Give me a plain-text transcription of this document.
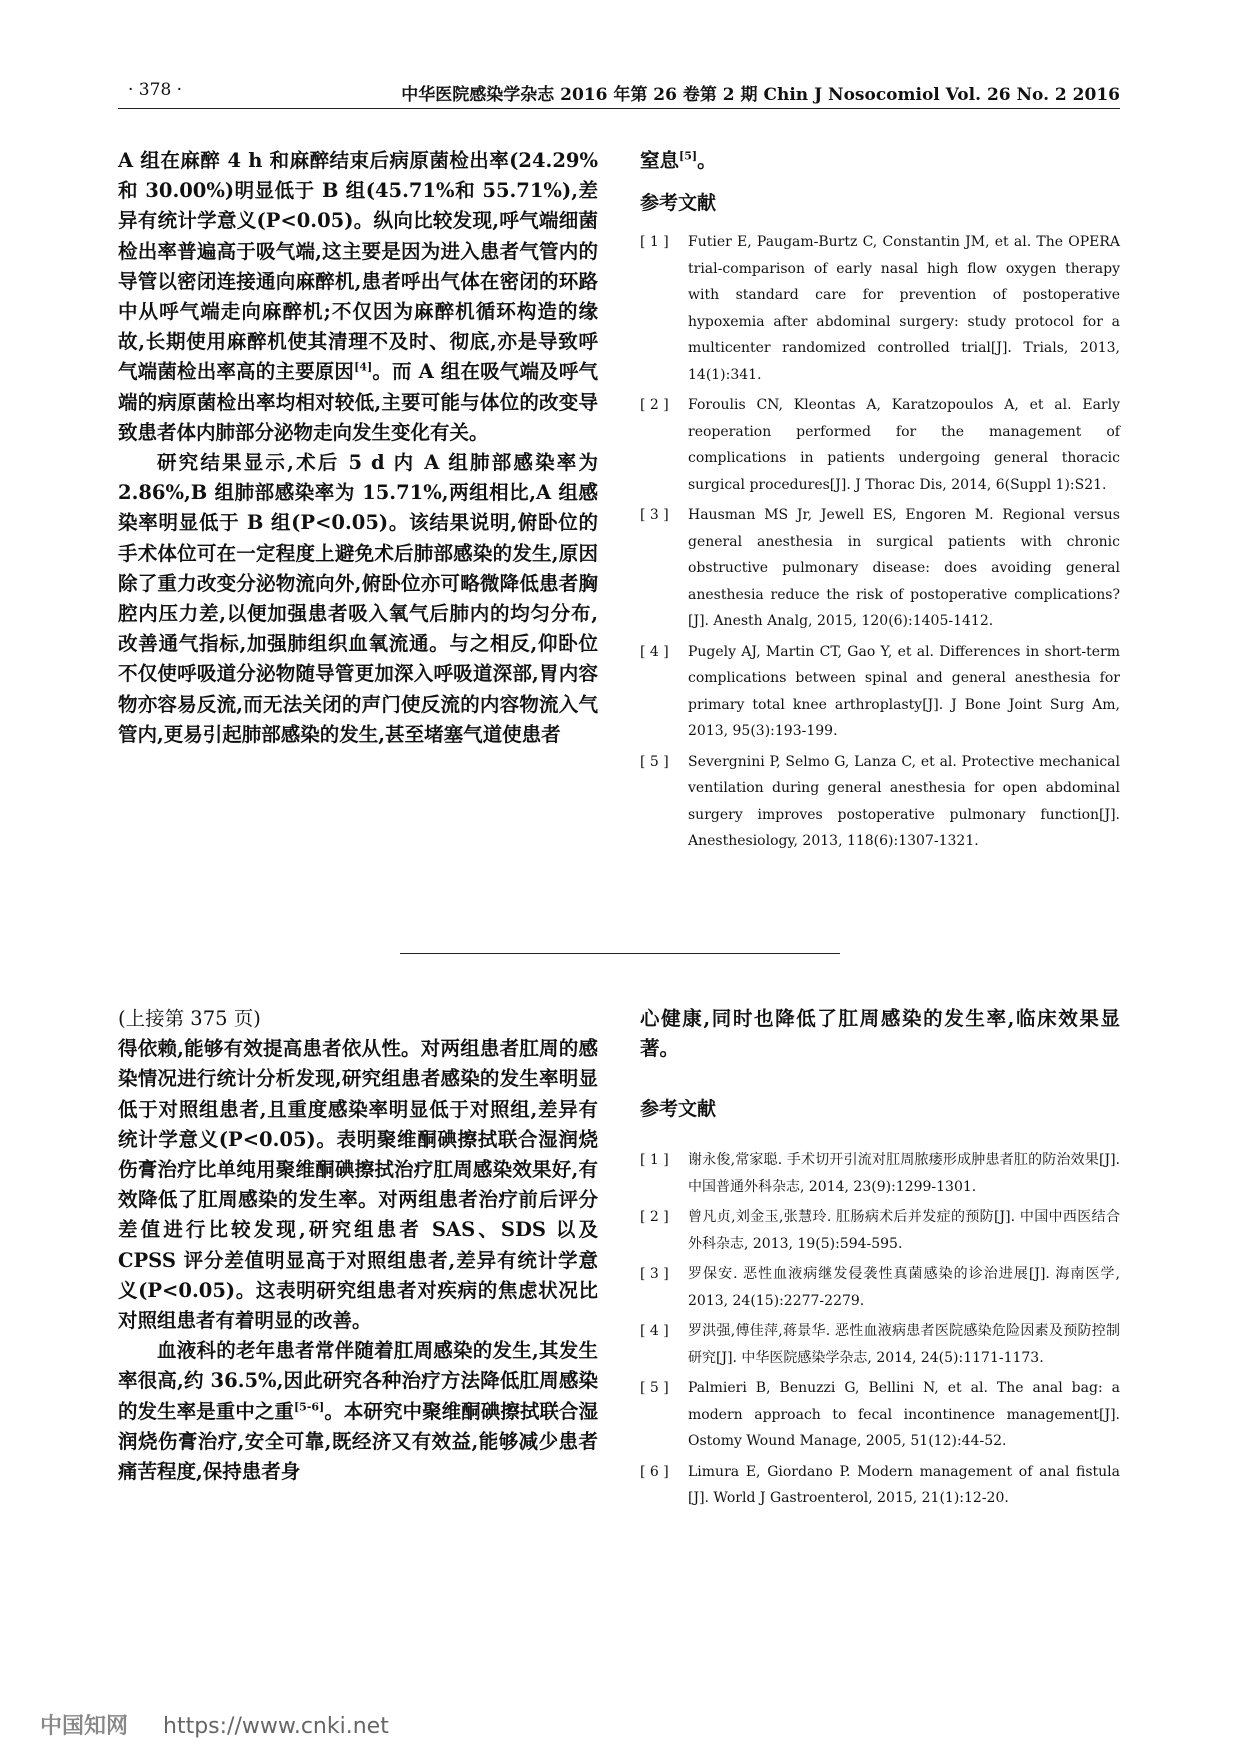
· 378 ·	中华医院感染学杂志 2016 年第 26 卷第 2 期 Chin J Nosocomiol Vol. 26 No. 2 2016

A 组在麻醉 4 h 和麻醉结束后病原菌检出率(24.29%和 30.00%)明显低于 B 组(45.71%和 55.71%),差异有统计学意义(P<0.05)。纵向比较发现,呼气端细菌检出率普遍高于吸气端,这主要是因为进入患者气管内的导管以密闭连接通向麻醉机,患者呼出气体在密闭的环路中从呼气端走向麻醉机;不仅因为麻醉机循环构造的缘故,长期使用麻醉机使其清理不及时、彻底,亦是导致呼气端菌检出率高的主要原因[4]。而 A 组在吸气端及呼气端的病原菌检出率均相对较低,主要可能与体位的改变导致患者体内肺部分泌物走向发生变化有关。

研究结果显示,术后 5 d 内 A 组肺部感染率为 2.86%,B 组肺部感染率为 15.71%,两组相比,A 组感染率明显低于 B 组(P<0.05)。该结果说明,俯卧位的手术体位可在一定程度上避免术后肺部感染的发生,原因除了重力改变分泌物流向外,俯卧位亦可略微降低患者胸腔内压力差,以便加强患者吸入氧气后肺内的均匀分布,改善通气指标,加强肺组织血氧流通。与之相反,仰卧位不仅使呼吸道分泌物随导管更加深入呼吸道深部,胃内容物亦容易反流,而无法关闭的声门使反流的内容物流入气管内,更易引起肺部感染的发生,甚至堵塞气道使患者

窒息[5]。
参考文献
[ 1 ] Futier E, Paugam-Burtz C, Constantin JM, et al. The OPERA trial-comparison of early nasal high flow oxygen therapy with standard care for prevention of postoperative hypoxemia after abdominal surgery: study protocol for a multicenter randomized controlled trial[J]. Trials, 2013, 14(1):341.
[ 2 ] Foroulis CN, Kleontas A, Karatzopoulos A, et al. Early reoperation performed for the management of complications in patients undergoing general thoracic surgical procedures[J]. J Thorac Dis, 2014, 6(Suppl 1):S21.
[ 3 ] Hausman MS Jr, Jewell ES, Engoren M. Regional versus general anesthesia in surgical patients with chronic obstructive pulmonary disease: does avoiding general anesthesia reduce the risk of postoperative complications? [J]. Anesth Analg, 2015, 120(6):1405-1412.
[ 4 ] Pugely AJ, Martin CT, Gao Y, et al. Differences in short-term complications between spinal and general anesthesia for primary total knee arthroplasty[J]. J Bone Joint Surg Am, 2013, 95(3):193-199.
[ 5 ] Severgnini P, Selmo G, Lanza C, et al. Protective mechanical ventilation during general anesthesia for open abdominal surgery improves postoperative pulmonary function[J]. Anesthesiology, 2013, 118(6):1307-1321.

(上接第 375 页)

得依赖,能够有效提高患者依从性。对两组患者肛周的感染情况进行统计分析发现,研究组患者感染的发生率明显低于对照组患者,且重度感染率明显低于对照组,差异有统计学意义(P<0.05)。表明聚维酮碘擦拭联合湿润烧伤膏治疗比单纯用聚维酮碘擦拭治疗肛周感染效果好,有效降低了肛周感染的发生率。对两组患者治疗前后评分差值进行比较发现,研究组患者 SAS、SDS 以及 CPSS 评分差值明显高于对照组患者,差异有统计学意义(P<0.05)。这表明研究组患者对疾病的焦虑状况比对照组患者有着明显的改善。

血液科的老年患者常伴随着肛周感染的发生,其发生率很高,约 36.5%,因此研究各种治疗方法降低肛周感染的发生率是重中之重[5-6]。本研究中聚维酮碘擦拭联合湿润烧伤膏治疗,安全可靠,既经济又有效益,能够减少患者痛苦程度,保持患者身

心健康,同时也降低了肛周感染的发生率,临床效果显著。
参考文献
[ 1 ] 谢永俊,常家聪. 手术切开引流对肛周脓瘘形成肿患者肛的防治效果[J]. 中国普通外科杂志, 2014, 23(9):1299-1301.
[ 2 ] 曾凡贞,刘金玉,张慧玲. 肛肠病术后并发症的预防[J]. 中国中西医结合外科杂志, 2013, 19(5):594-595.
[ 3 ] 罗保安. 恶性血液病继发侵袭性真菌感染的诊治进展[J]. 海南医学, 2013, 24(15):2277-2279.
[ 4 ] 罗洪强,傅佳萍,蒋景华. 恶性血液病患者医院感染危险因素及预防控制研究[J]. 中华医院感染学杂志, 2014, 24(5):1171-1173.
[ 5 ] Palmieri B, Benuzzi G, Bellini N, et al. The anal bag: a modern approach to fecal incontinence management[J]. Ostomy Wound Manage, 2005, 51(12):44-52.
[ 6 ] Limura E, Giordano P. Modern management of anal fistula [J]. World J Gastroenterol, 2015, 21(1):12-20.
中国知网 https://www.cnki.net
